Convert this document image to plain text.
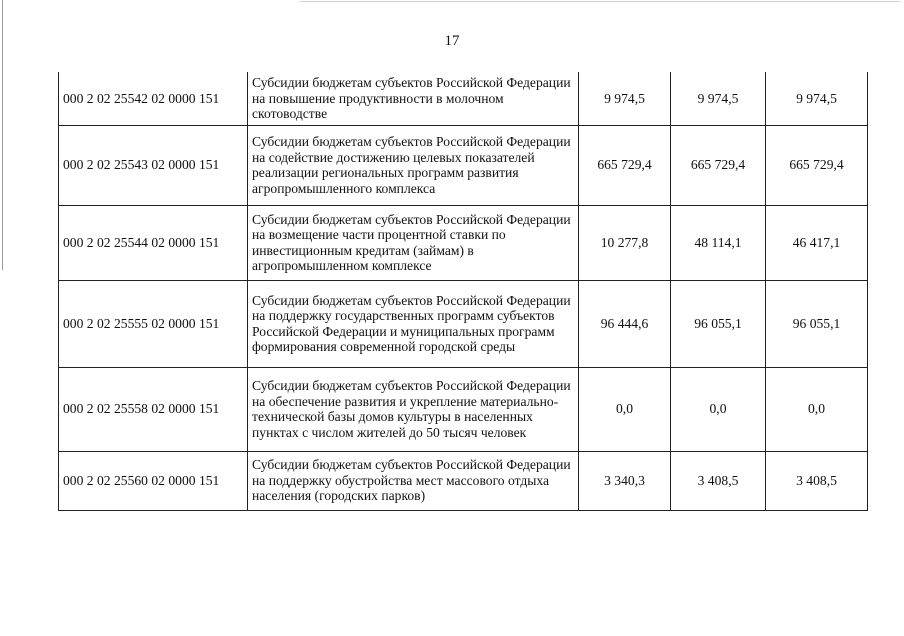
17
000 2 02 25542 02 0000 151	Субсидии бюджетам субъектов Российской Федерации на повышение продуктивности в молочном скотоводстве	9 974,5	9 974,5	9 974,5
000 2 02 25543 02 0000 151	Субсидии бюджетам субъектов Российской Федерации на содействие достижению целевых показателей реализации региональных программ развития агропромышленного комплекса	665 729,4	665 729,4	665 729,4
000 2 02 25544 02 0000 151	Субсидии бюджетам субъектов Российской Федерации на возмещение части процентной ставки по инвестиционным кредитам (займам) в агропромышленном комплексе	10 277,8	48 114,1	46 417,1
000 2 02 25555 02 0000 151	Субсидии бюджетам субъектов Российской Федерации на поддержку государственных программ субъектов Российской Федерации и муниципальных программ формирования современной городской среды	96 444,6	96 055,1	96 055,1
000 2 02 25558 02 0000 151	Субсидии бюджетам субъектов Российской Федерации на обеспечение развития и укрепление материально-технической базы домов культуры в населенных пунктах с числом жителей до 50 тысяч человек	0,0	0,0	0,0
000 2 02 25560 02 0000 151	Субсидии бюджетам субъектов Российской Федерации на поддержку обустройства мест массового отдыха населения (городских парков)	3 340,3	3 408,5	3 408,5
